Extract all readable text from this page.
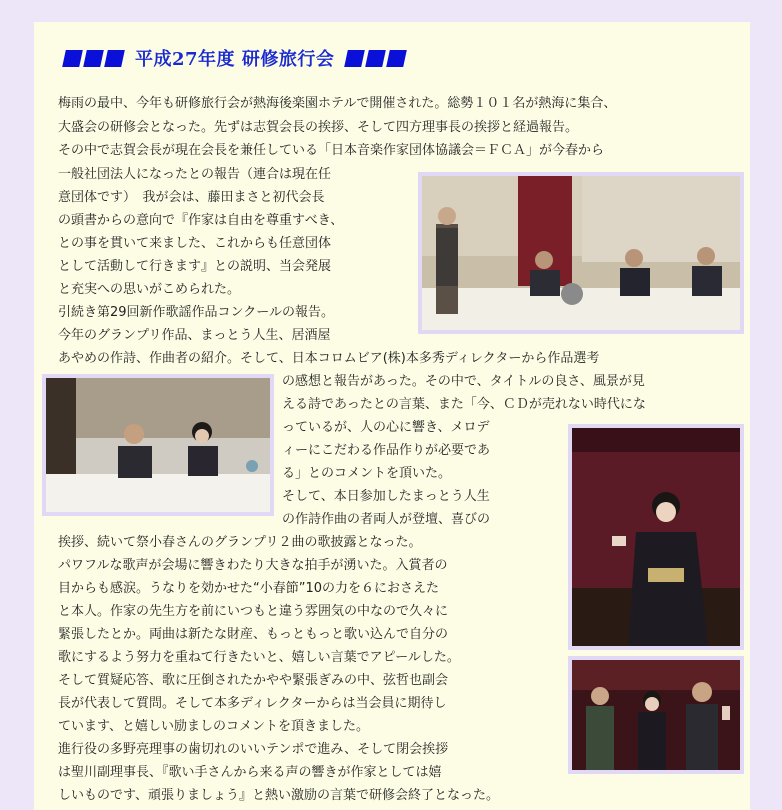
平成27年度 研修旅行会
梅雨の最中、今年も研修旅行会が熱海後楽園ホテルで開催された。総勢１０１名が熱海に集合、
大盛会の研修会となった。先ずは志賀会長の挨拶、そして四方理事長の挨拶と経過報告。
その中で志賀会長が現在会長を兼任している「日本音楽作家団体協議会＝ＦＣＡ」が今春から
一般社団法人になったとの報告（連合は現在任
意団体です）　我が会は、藤田まさと初代会長
の頭書からの意向で『作家は自由を尊重すべき、
との事を貫いて来ました、これからも任意団体
として活動して行きます』との説明、当会発展
と充実への思いがこめられた。
引続き第29回新作歌謡作品コンクールの報告。
今年のグランプリ作品、まっとう人生、居酒屋
あやめの作詩、作曲者の紹介。そして、日本コロムビア(株)本多秀ディレクターから作品選考
の感想と報告があった。その中で、タイトルの良さ、風景が見
える詩であったとの言葉、また「今、ＣＤが売れない時代にな
っているが、人の心に響き、メロデ
ィーにこだわる作品作りが必要であ
る」とのコメントを頂いた。
そして、本日参加したまっとう人生
の作詩作曲の者両人が登壇、喜びの
挨拶、続いて祭小春さんのグランプリ２曲の歌披露となった。
パワフルな歌声が会場に響きわたり大きな拍手が湧いた。入賞者の
目からも感涙。うなりを効かせた“小春節”10の力を６におさえた
と本人。作家の先生方を前にいつもと違う雰囲気の中なので久々に
緊張したとか。両曲は新たな財産、もっともっと歌い込んで自分の
歌にするよう努力を重ねて行きたいと、嬉しい言葉でアピールした。
そして質疑応答、歌に圧倒されたかやや緊張ぎみの中、弦哲也副会
長が代表して質問。そして本多ディレクターからは当会員に期待し
ています、と嬉しい励ましのコメントを頂きました。
進行役の多野亮理事の歯切れのいいテンポで進み、そして閉会挨拶
は聖川副理事長、『歌い手さんから来る声の響きが作家としては嬉
しいものです、頑張りましょう』と熱い激励の言葉で研修会終了となった。
